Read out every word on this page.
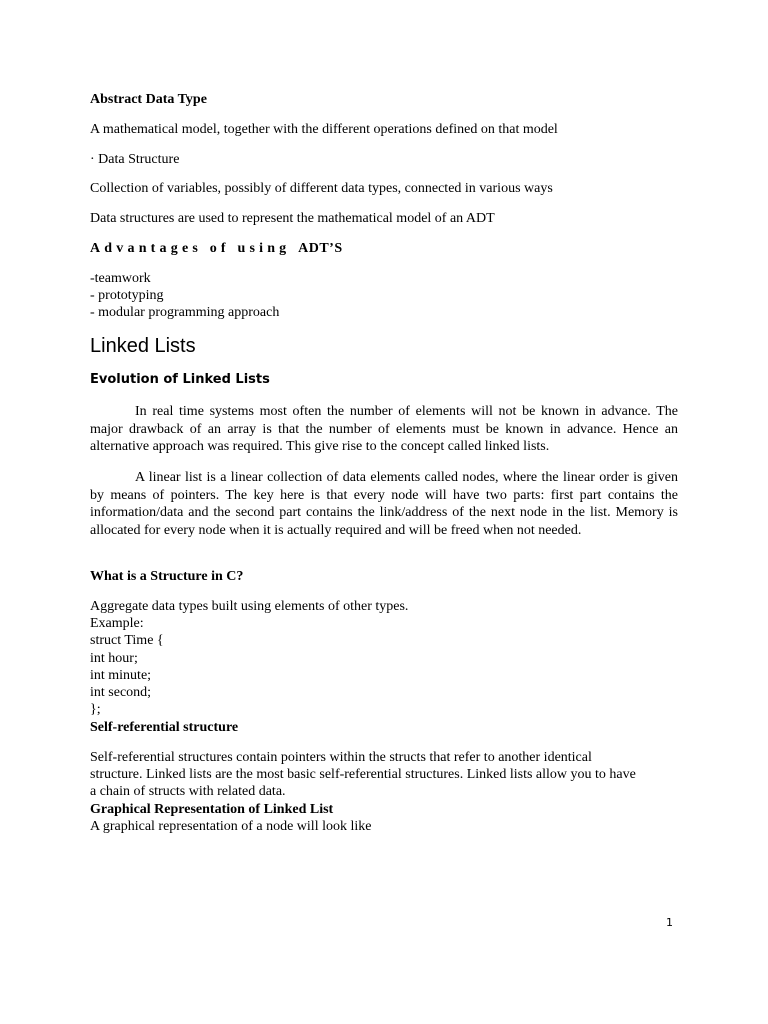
Abstract Data Type

A mathematical model, together with the different operations defined on that model

· Data Structure

Collection of variables, possibly of different data types, connected in various ways

Data structures are used to represent the mathematical model of an ADT

Advantages of using ADT’S

-teamwork

- prototyping

- modular programming approach

Linked Lists

Evolution of Linked Lists

In real time systems most often the number of elements will not be known in advance. The major drawback of an array is that the number of elements must be known in advance. Hence an alternative approach was required. This give rise to the concept called linked lists.

A linear list is a linear collection of data elements called nodes, where the linear order is given by means of pointers. The key here is that every node will have two parts: first part contains the information/data and the second part contains the link/address of the next node in the list. Memory is allocated for every node when it is actually required and will be freed when not needed.

What is a Structure in C?

Aggregate data types built using elements of other types.

Example:

struct Time {

int hour;

int minute;

int second;

};

Self-referential structure

Self-referential structures contain pointers within the structs that refer to another identical

structure. Linked lists are the most basic self-referential structures. Linked lists allow you to have

a chain of structs with related data.

Graphical Representation of Linked List

A graphical representation of a node will look like

1
